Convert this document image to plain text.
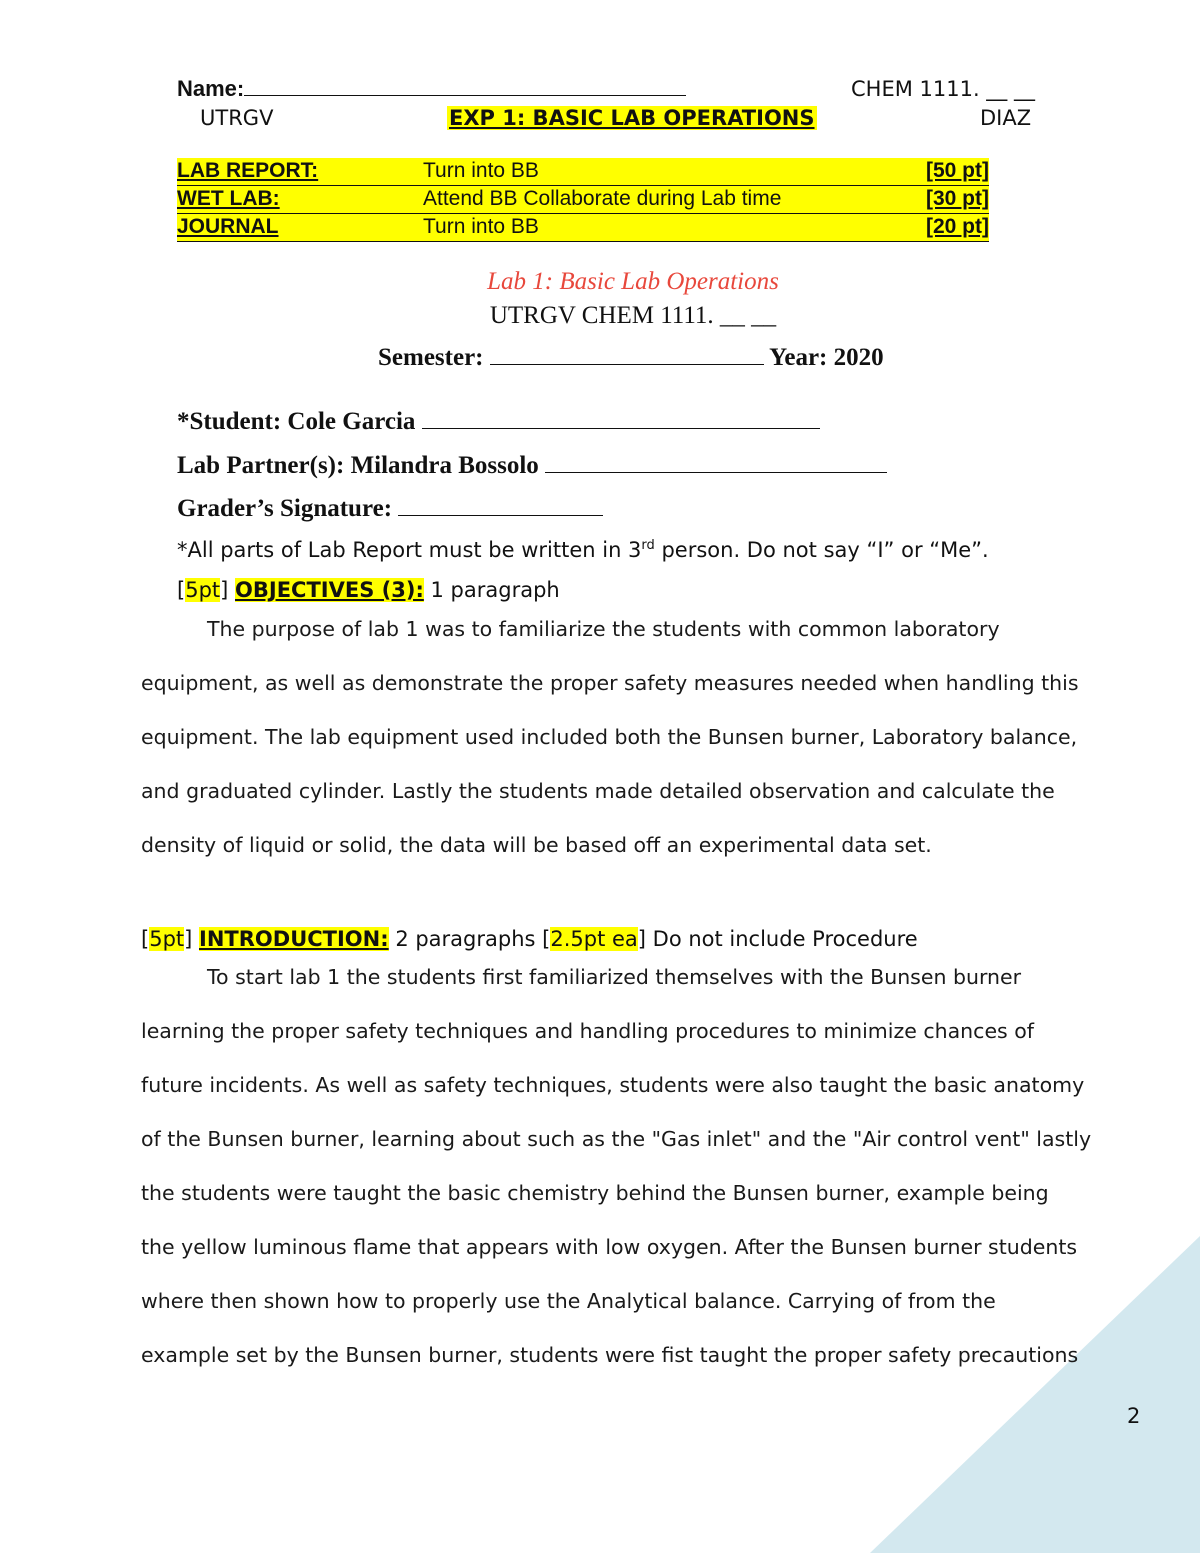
Name:	CHEM 1111. __ __
UTRGV	EXP 1: BASIC LAB OPERATIONS	DIAZ
LAB REPORT:	Turn into BB	[50 pt]
WET LAB:	Attend BB Collaborate during Lab time	[30 pt]
JOURNAL	Turn into BB	[20 pt]
Lab 1: Basic Lab Operations
UTRGV CHEM 1111. __ __
Semester:	Year: 2020
*Student: Cole Garcia
Lab Partner(s): Milandra Bossolo
Grader’s Signature:
*All parts of Lab Report must be written in 3rd person. Do not say “I” or “Me”.
[5pt] OBJECTIVES (3): 1 paragraph
The purpose of lab 1 was to familiarize the students with common laboratory
equipment, as well as demonstrate the proper safety measures needed when handling this
equipment. The lab equipment used included both the Bunsen burner, Laboratory balance,
and graduated cylinder. Lastly the students made detailed observation and calculate the
density of liquid or solid, the data will be based off an experimental data set.
[5pt] INTRODUCTION: 2 paragraphs [2.5pt ea] Do not include Procedure
To start lab 1 the students first familiarized themselves with the Bunsen burner
learning the proper safety techniques and handling procedures to minimize chances of
future incidents. As well as safety techniques, students were also taught the basic anatomy
of the Bunsen burner, learning about such as the "Gas inlet" and the "Air control vent" lastly
the students were taught the basic chemistry behind the Bunsen burner, example being
the yellow luminous flame that appears with low oxygen. After the Bunsen burner students
where then shown how to properly use the Analytical balance. Carrying of from the
example set by the Bunsen burner, students were fist taught the proper safety precautions
2
